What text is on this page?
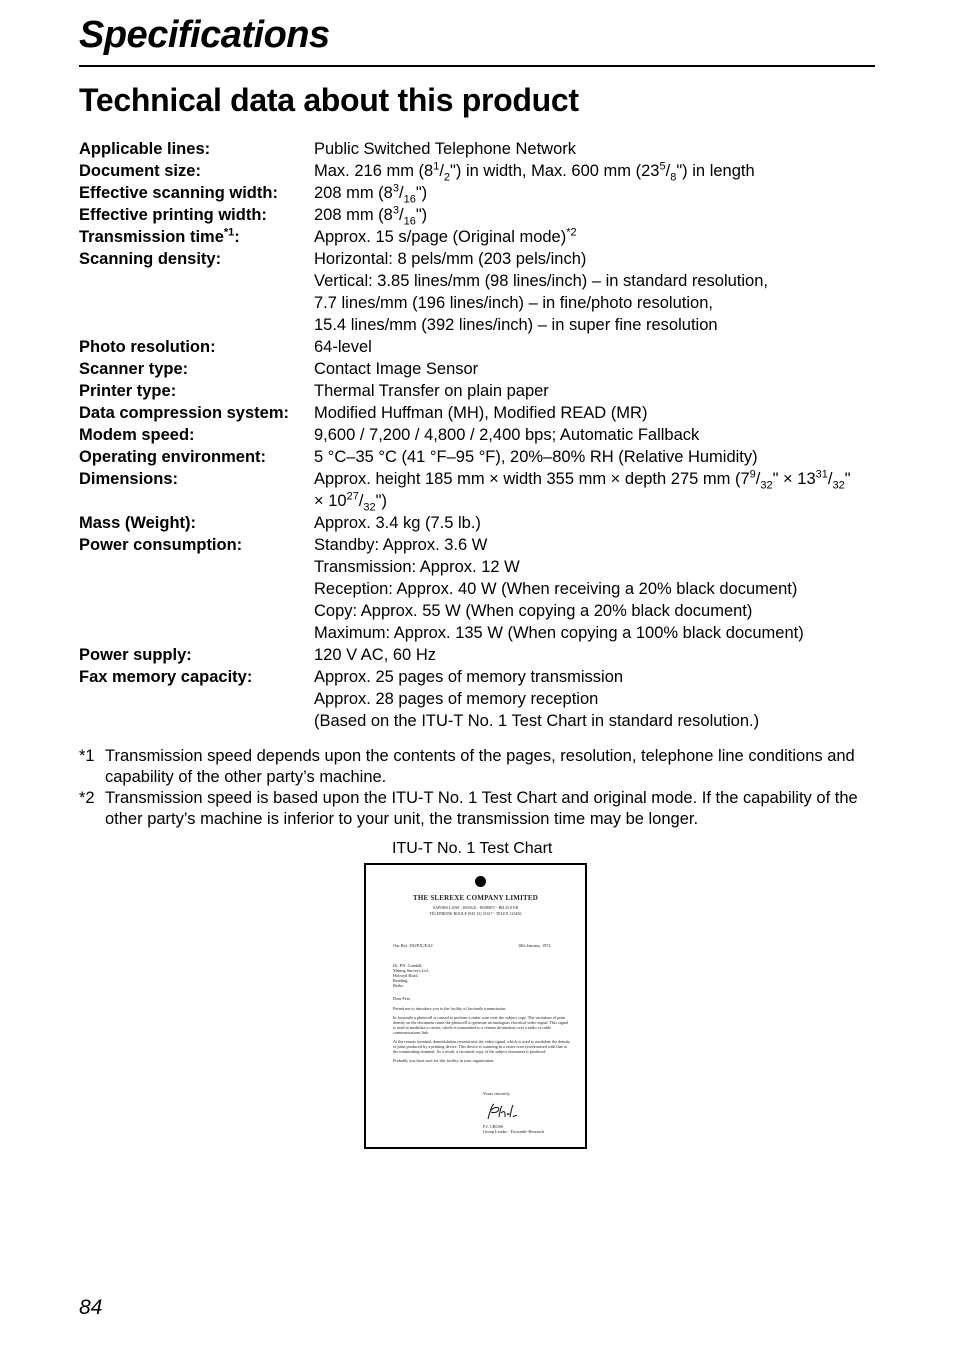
Specifications
Technical data about this product
Applicable lines:	Public Switched Telephone Network
Document size:	Max. 216 mm $(8^1/_2")$ in width, Max. 600 mm $(23^5/_8")$ in length
Effective scanning width:	208 mm $(8^3/_{16}")$
Effective printing width:	208 mm $(8^3/_{16}")$
Transmission time$^{*1}$:	Approx. 15 s/page (Original mode)$^{*2}$
Scanning density:	Horizontal: 8 pels/mm (203 pels/inch)
Vertical: 3.85 lines/mm (98 lines/inch) – in standard resolution,
7.7 lines/mm (196 lines/inch) – in fine/photo resolution,
15.4 lines/mm (392 lines/inch) – in super fine resolution
Photo resolution:	64-level
Scanner type:	Contact Image Sensor
Printer type:	Thermal Transfer on plain paper
Data compression system:	Modified Huffman (MH), Modified READ (MR)
Modem speed:	9,600 / 7,200 / 4,800 / 2,400 bps; Automatic Fallback
Operating environment:	5 °C–35 °C (41 °F–95 °F), 20%–80% RH (Relative Humidity)
Dimensions:	Approx. height 185 mm × width 355 mm × depth 275 mm ($7^9/_{32}$" × $13^{31}/_{32}$"
× $10^{27}/_{32}$")
Mass (Weight):	Approx. 3.4 kg (7.5 lb.)
Power consumption:	Standby: Approx. 3.6 W
Transmission: Approx. 12 W
Reception: Approx. 40 W (When receiving a 20% black document)
Copy: Approx. 55 W (When copying a 20% black document)
Maximum: Approx. 135 W (When copying a 100% black document)
Power supply:	120 V AC, 60 Hz
Fax memory capacity:	Approx. 25 pages of memory transmission
Approx. 28 pages of memory reception
(Based on the ITU-T No. 1 Test Chart in standard resolution.)
*1 Transmission speed depends upon the contents of the pages, resolution, telephone line conditions and capability of the other party’s machine.
*2 Transmission speed is based upon the ITU-T No. 1 Test Chart and original mode. If the capability of the other party’s machine is inferior to your unit, the transmission time may be longer.
ITU-T No. 1 Test Chart
THE SLEREXE COMPANY LIMITED
SAPORS LANE - BOOLE - DORSET - BH 25 8 ER
TELEPHONE BOOLE (945 13) 51617 - TELEX 123456
Our Ref. 350/PJC/EAC	18th January, 1972.
Dr. P.N. Cundall,
Mining Surveys Ltd.,
Holroyd Road,
Reading,
Berks.
Dear Pete,

Permit me to introduce you to the facility of facsimile transmission.

In facsimile a photocell is caused to perform a raster scan over the subject copy. The variations of print density on the document cause the photocell to generate an analogous electrical video signal. This signal is used to modulate a carrier, which is transmitted to a remote destination over a radio or cable communications link.

At the remote terminal, demodulation reconstructs the video signal, which is used to modulate the density of print produced by a printing device. This device is scanning in a raster scan synchronised with that at the transmitting terminal. As a result, a facsimile copy of the subject document is produced.

Probably you have uses for this facility in your organisation.

Yours sincerely,
P.J. CROSS
Group Leader - Facsimile Research
84
